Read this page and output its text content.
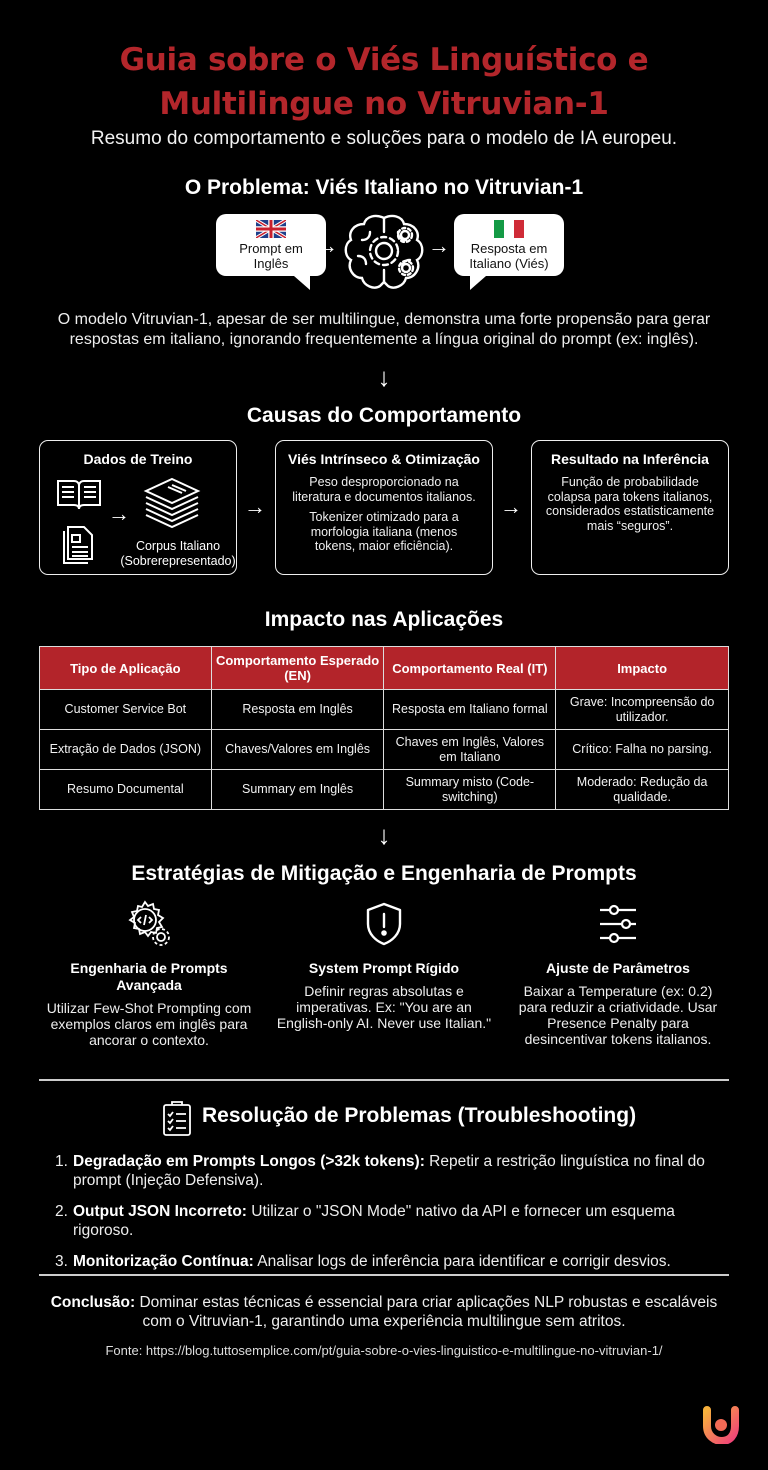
Guia sobre o Viés Linguístico e
Multilingue no Vitruvian-1
Resumo do comportamento e soluções para o modelo de IA europeu.
O Problema: Viés Italiano no Vitruvian-1
Prompt em
Inglês
→	→	Resposta em
Italiano (Viés)
O modelo Vitruvian-1, apesar de ser multilingue, demonstra uma forte propensão para gerar respostas em italiano, ignorando frequentemente a língua original do prompt (ex: inglês).
↓
Causas do Comportamento
Dados de Treino
→
Corpus Italiano
(Sobrerepresentado)
→
Viés Intrínseco & Otimização

Peso desproporcionado na literatura e documentos italianos.

Tokenizer otimizado para a morfologia italiana (menos tokens, maior eficiência).

→
Resultado na Inferência

Função de probabilidade colapsa para tokens italianos, considerados estatisticamente mais “seguros”.

Impacto nas Aplicações
Tipo de Aplicação	Comportamento Esperado (EN)	Comportamento Real (IT)	Impacto
Customer Service Bot	Resposta em Inglês	Resposta em Italiano formal	Grave: Incompreensão do utilizador.
Extração de Dados (JSON)	Chaves/Valores em Inglês	Chaves em Inglês, Valores em Italiano	Crítico: Falha no parsing.
Resumo Documental	Summary em Inglês	Summary misto (Code-switching)	Moderado: Redução da qualidade.
↓
Estratégias de Mitigação e Engenharia de Prompts
Engenharia de Prompts Avançada

Utilizar Few-Shot Prompting com exemplos claros em inglês para ancorar o contexto.

System Prompt Rígido

Definir regras absolutas e imperativas. Ex: "You are an English-only AI. Never use Italian."

Ajuste de Parâmetros

Baixar a Temperature (ex: 0.2) para reduzir a criatividade. Usar Presence Penalty para desincentivar tokens italianos.

Resolução de Problemas (Troubleshooting)
1. Degradação em Prompts Longos (>32k tokens): Repetir a restrição linguística no final do prompt (Injeção Defensiva).
2. Output JSON Incorreto: Utilizar o "JSON Mode" nativo da API e fornecer um esquema rigoroso.
3. Monitorização Contínua: Analisar logs de inferência para identificar e corrigir desvios.
Conclusão: Dominar estas técnicas é essencial para criar aplicações NLP robustas e escaláveis com o Vitruvian-1, garantindo uma experiência multilingue sem atritos.
Fonte: https://blog.tuttosemplice.com/pt/guia-sobre-o-vies-linguistico-e-multilingue-no-vitruvian-1/
